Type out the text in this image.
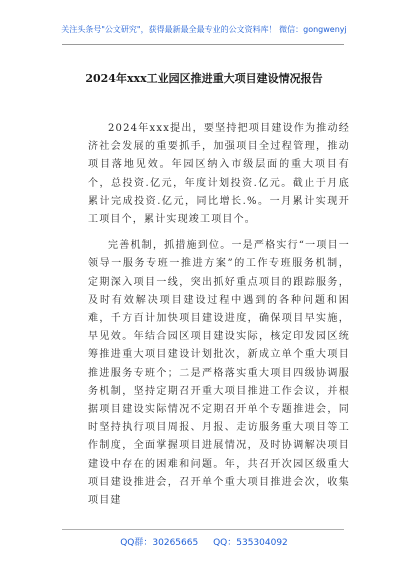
关注头条号"公文研究"，获得最新最全最专业的公文资料库！ 微信：gongwenyj
2024年xxx工业园区推进重大项目建设情况报告

2024年xxx提出，要坚持把项目建设作为推动经济社会发展的重要抓手，加强项目全过程管理，推动项目落地见效。年园区纳入市级层面的重大项目有个，总投资.亿元，年度计划投资.亿元。截止于月底累计完成投资.亿元，同比增长.%。一月累计实现开工项目个，累计实现竣工项目个。

完善机制，抓措施到位。一是严格实行“一项目一领导一服务专班一推进方案”的工作专班服务机制，定期深入项目一线，突出抓好重点项目的跟踪服务，及时有效解决项目建设过程中遇到的各种问题和困难，千方百计加快项目建设进度，确保项目早实施，早见效。年结合园区项目建设实际，核定印发园区统筹推进重大项目建设计划批次，新成立单个重大项目推进服务专班个；二是严格落实重大项目四级协调服务机制，坚持定期召开重大项目推进工作会议，并根据项目建设实际情况不定期召开单个专题推进会，同时坚持执行项目周报、月报、走访服务重大项目等工作制度，全面掌握项目进展情况，及时协调解决项目建设中存在的困难和问题。年，共召开次园区级重大项目建设推进会，召开单个重大项目推进会次，收集项目建

QQ群：30265665 QQ：535304092
